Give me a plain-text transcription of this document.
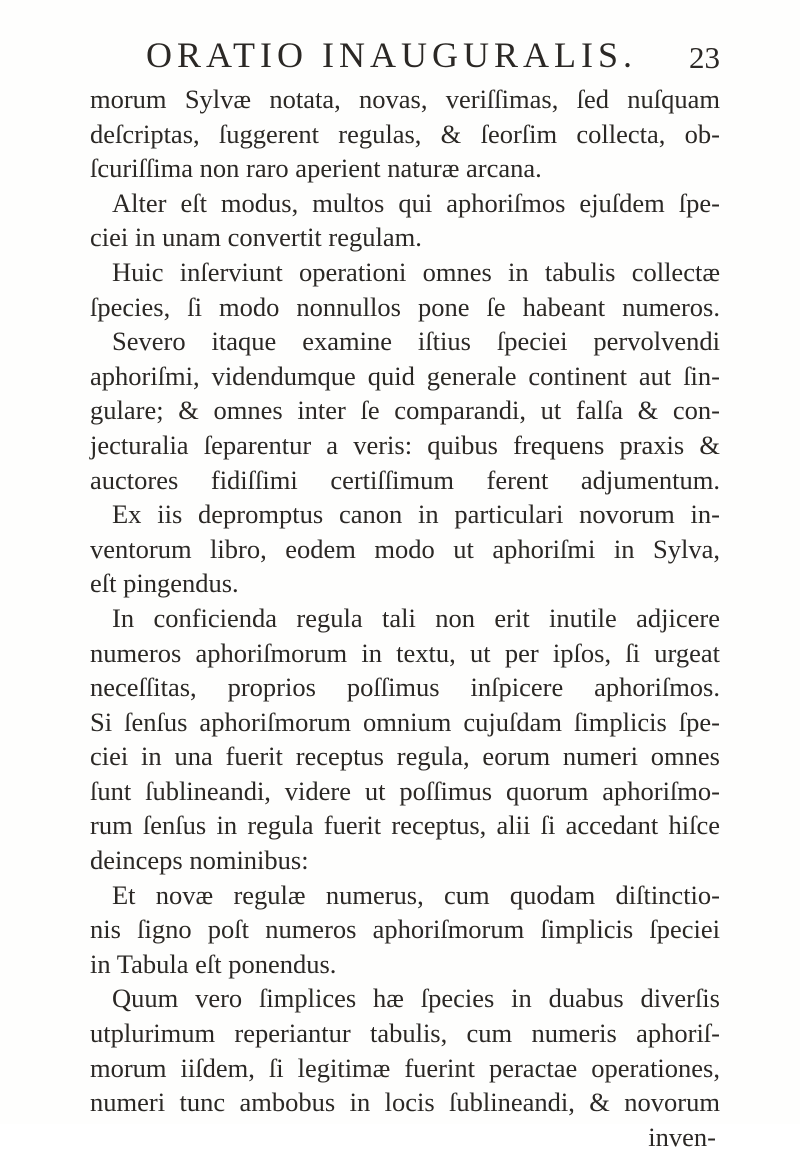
ORATIO INAUGURALIS. 23
morum Sylvæ notata, novas, veriſſimas, ſed nuſquam
deſcriptas, ſuggerent regulas, & ſeorſim collecta, ob-
ſcuriſſima non raro aperient naturæ arcana.
Alter eſt modus, multos qui aphoriſmos ejuſdem ſpe-
ciei in unam convertit regulam.
Huic inſerviunt operationi omnes in tabulis collectæ
ſpecies, ſi modo nonnullos pone ſe habeant numeros.
Severo itaque examine iſtius ſpeciei pervolvendi
aphoriſmi, videndumque quid generale continent aut ſin-
gulare; & omnes inter ſe comparandi, ut falſa & con-
jecturalia ſeparentur a veris: quibus frequens praxis &
auctores fidiſſimi certiſſimum ferent adjumentum.
Ex iis depromptus canon in particulari novorum in-
ventorum libro, eodem modo ut aphoriſmi in Sylva,
eſt pingendus.
In conficienda regula tali non erit inutile adjicere
numeros aphoriſmorum in textu, ut per ipſos, ſi urgeat
neceſſitas, proprios poſſimus inſpicere aphoriſmos.
Si ſenſus aphoriſmorum omnium cujuſdam ſimplicis ſpe-
ciei in una fuerit receptus regula, eorum numeri omnes
ſunt ſublineandi, videre ut poſſimus quorum aphoriſmo-
rum ſenſus in regula fuerit receptus, alii ſi accedant hiſce
deinceps nominibus:
Et novæ regulæ numerus, cum quodam diſtinctio-
nis ſigno poſt numeros aphoriſmorum ſimplicis ſpeciei
in Tabula eſt ponendus.
Quum vero ſimplices hæ ſpecies in duabus diverſis
utplurimum reperiantur tabulis, cum numeris aphoriſ-
morum iiſdem, ſi legitimæ fuerint peractae operationes,
numeri tunc ambobus in locis ſublineandi, & novorum
inven-
